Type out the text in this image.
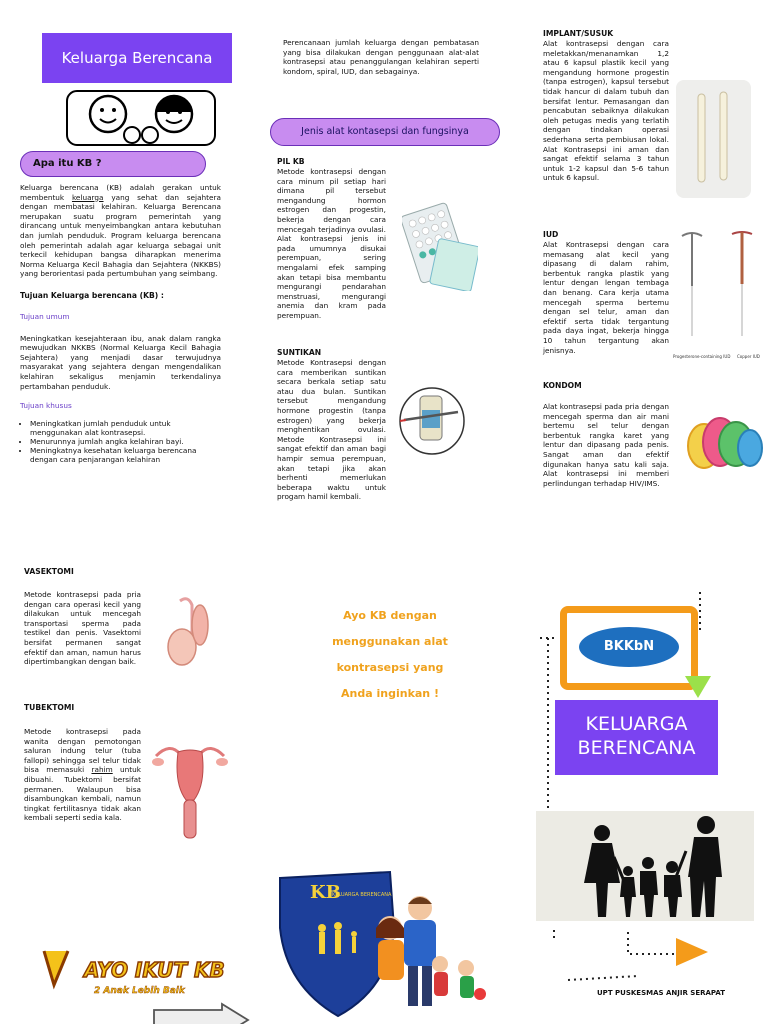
Keluarga Berencana
Apa itu KB ?

Keluarga berencana (KB) adalah gerakan untuk membentuk keluarga yang sehat dan sejahtera dengan membatasi kelahiran. Keluarga Berencana merupakan suatu program pemerintah yang dirancang untuk menyeimbangkan antara kebutuhan dan jumlah penduduk. Program keluarga berencana oleh pemerintah adalah agar keluarga sebagai unit terkecil kehidupan bangsa diharapkan menerima Norma Keluarga Kecil Bahagia dan Sejahtera (NKKBS) yang berorientasi pada pertumbuhan yang seimbang.

Tujuan Keluarga berencana (KB) :

Tujuan umum

Meningkatkan kesejahteraan ibu, anak dalam rangka mewujudkan NKKBS (Normal Keluarga Kecil Bahagia Sejahtera) yang menjadi dasar terwujudnya masyarakat yang sejahtera dengan mengendalikan kelahiran sekaligus menjamin terkendalinya pertambahan penduduk.

Tujuan khusus

• Meningkatkan jumlah penduduk untuk menggunakan alat kontrasepsi.
• Menurunnya jumlah angka kelahiran bayi.
• Meningkatnya kesehatan keluarga berencana dengan cara penjarangan kelahiran

Perencanaan jumlah keluarga dengan pembatasan yang bisa dilakukan dengan penggunaan alat-alat kontrasepsi atau penanggulangan kelahiran seperti kondom, spiral, IUD, dan sebagainya.

Jenis alat kontasepsi dan fungsinya

PIL KB

Metode kontrasepsi dengan cara minum pil setiap hari dimana pil tersebut mengandung hormon estrogen dan progestin, bekerja dengan cara mencegah terjadinya ovulasi. Alat kontrasepsi jenis ini pada umumnya disukai perempuan, sering mengalami efek samping akan tetapi bisa membantu mengurangi pendarahan menstruasi, mengurangi anemia dan kram pada perempuan.

SUNTIKAN

Metode Kontrasepsi dengan cara memberikan suntikan secara berkala setiap satu atau dua bulan. Suntikan tersebut mengandung hormone progestin (tanpa estrogen) yang bekerja menghentikan ovulasi. Metode Kontrasepsi ini sangat efektif dan aman bagi hampir semua perempuan, akan tetapi jika akan berhenti memerlukan beberapa waktu untuk progam hamil kembali.

IMPLANT/SUSUK

Alat kontrasepsi dengan cara meletakkan/menanamkan 1,2 atau 6 kapsul plastik kecil yang mengandung hormone progestin (tanpa estrogen), kapsul tersebut tidak hancur di dalam tubuh dan bersifat lentur. Pemasangan dan pencabutan sebaiknya dilakukan oleh petugas medis yang terlatih dengan tindakan operasi sederhana serta pembiusan lokal. Alat Kontrasepsi ini aman dan sangat efektif selama 3 tahun untuk 1-2 kapsul dan 5-6 tahun untuk 6 kapsul.

IUD

Alat Kontrasepsi dengan cara memasang alat kecil yang dipasang di dalam rahim, berbentuk rangka plastik yang lentur dengan lengan tembaga dan benang. Cara kerja utama mencegah sperma bertemu dengan sel telur, aman dan efektif serta tidak tergantung pada daya ingat, bekerja hingga 10 tahun tergantung akan jenisnya.

Progesterone-containing IUD Copper IUD

KONDOM

Alat kontrasepsi pada pria dengan mencegah sperma dan air mani bertemu sel telur dengan berbentuk rangka karet yang lentur dan dipasang pada penis. Sangat aman dan efektif digunakan hanya satu kali saja. Alat kontrasepsi ini memberi perlindungan terhadap HIV/IMS.

VASEKTOMI

Metode kontrasepsi pada pria dengan cara operasi kecil yang dilakukan untuk mencegah transportasi sperma pada testikel dan penis. Vasektomi bersifat permanen sangat efektif dan aman, namun harus dipertimbangkan dengan baik.

TUBEKTOMI

Metode kontrasepsi pada wanita dengan pemotongan saluran indung telur (tuba fallopi) sehingga sel telur tidak bisa memasuki rahim untuk dibuahi. Tubektomi bersifat permanen. Walaupun bisa disambungkan kembali, namun tingkat fertilitasnya tidak akan kembali seperti sedia kala.

AYO IKUT KB
2 Anak Lebih Baik
Ayo KB dengan
menggunakan alat
kontrasepsi yang
Anda inginkan !
KB
KELUARGA BERENCANA
BKKbN
KELUARGA
BERENCANA
UPT PUSKESMAS ANJIR SERAPAT
